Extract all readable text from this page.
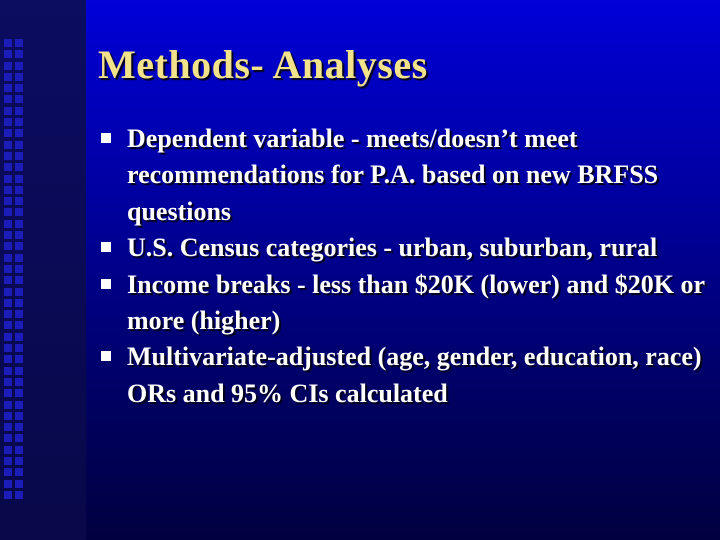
Methods- Analyses
Dependent variable - meets/doesn’t meet recommendations for P.A. based on new BRFSS questions
U.S. Census categories - urban, suburban, rural
Income breaks - less than $20K (lower) and $20K or more (higher)
Multivariate-adjusted (age, gender, education, race) ORs and 95% CIs calculated
